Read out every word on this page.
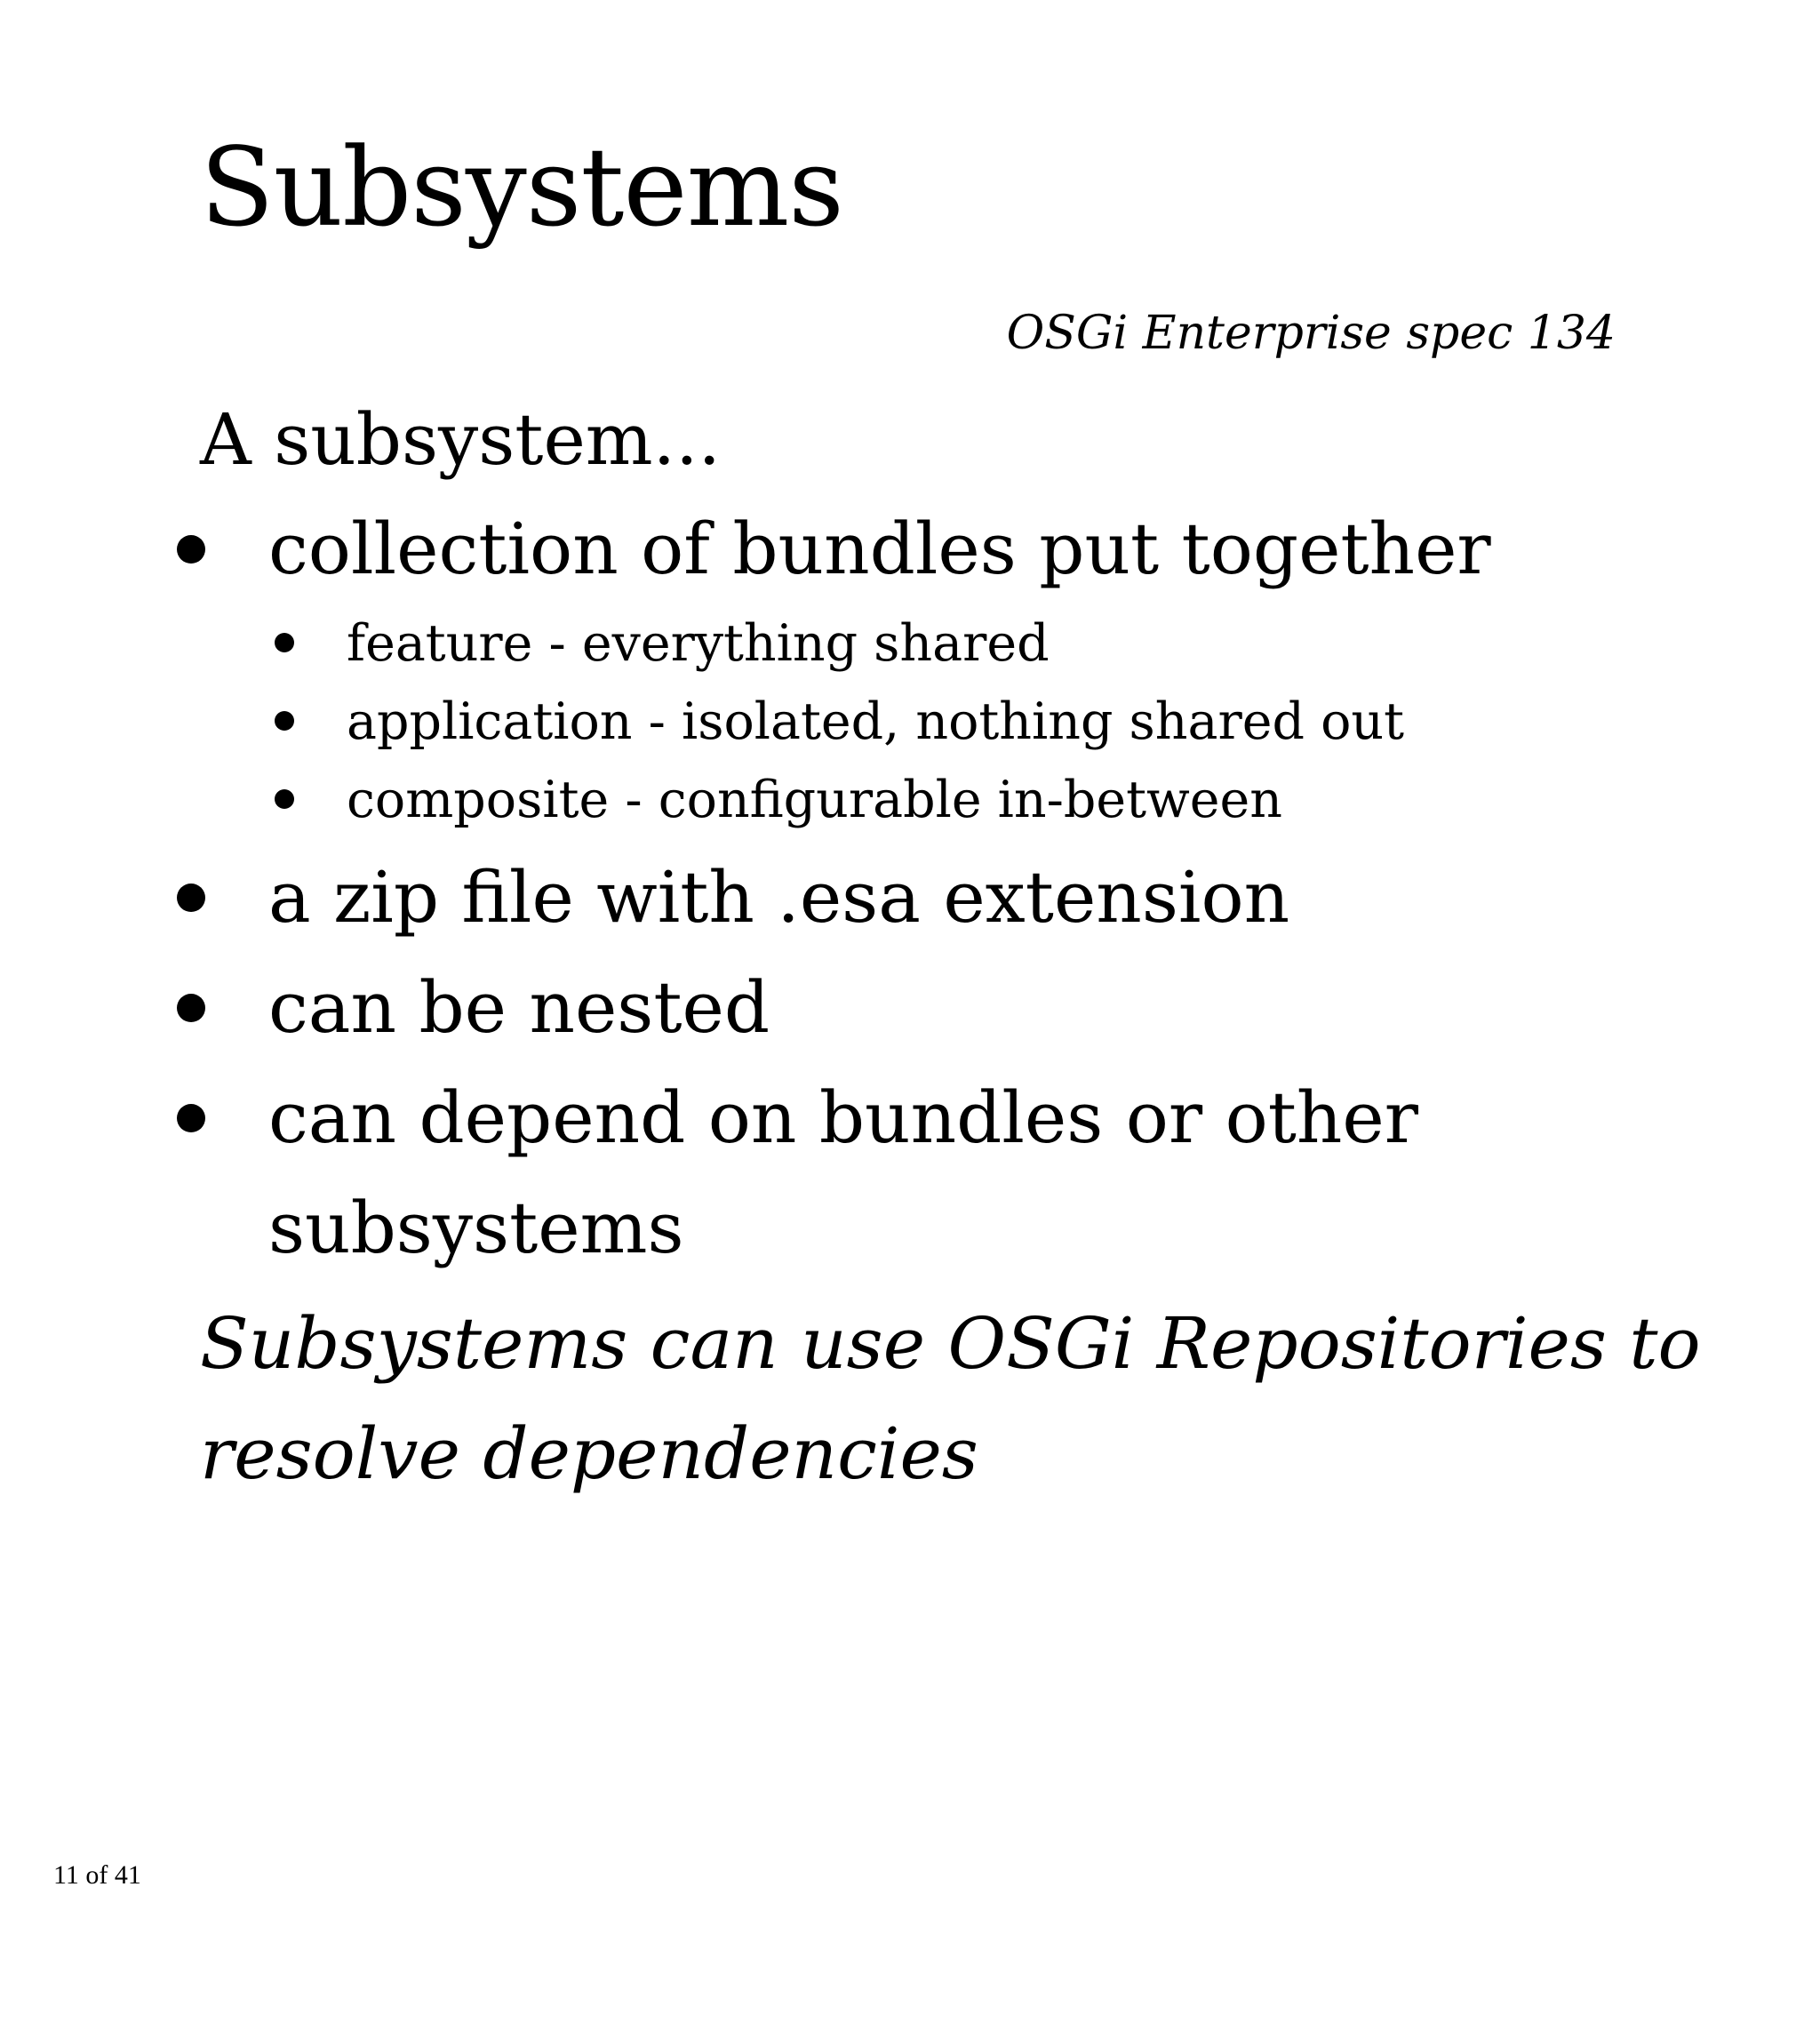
Subsystems
OSGi Enterprise spec 134
A subsystem...
collection of bundles put together
feature - everything shared
application - isolated, nothing shared out
composite - configurable in-between
a zip file with .esa extension
can be nested
can depend on bundles or other
subsystems
Subsystems can use OSGi Repositories to
resolve dependencies
11 of 41
